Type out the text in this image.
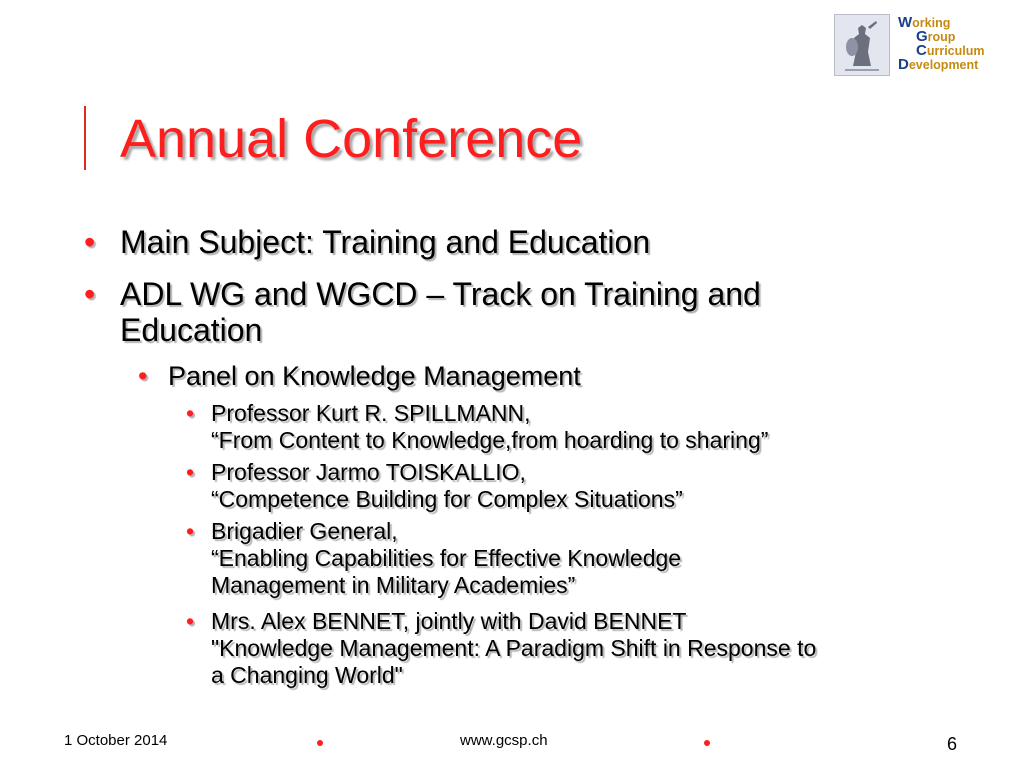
Working
Group
Curriculum
Development
Annual Conference
• Main Subject: Training and Education
• ADL WG and WGCD – Track on Training and
Education
• Panel on Knowledge Management
• Professor Kurt R. SPILLMANN,
“From Content to Knowledge,from hoarding to sharing”
• Professor Jarmo TOISKALLIO,
“Competence Building for Complex Situations”
• Brigadier General,
“Enabling Capabilities for Effective Knowledge
Management in Military Academies”
• Mrs. Alex BENNET, jointly with David BENNET
"Knowledge Management: A Paradigm Shift in Response to
a Changing World"
1 October 2014	www.gcsp.ch	6
